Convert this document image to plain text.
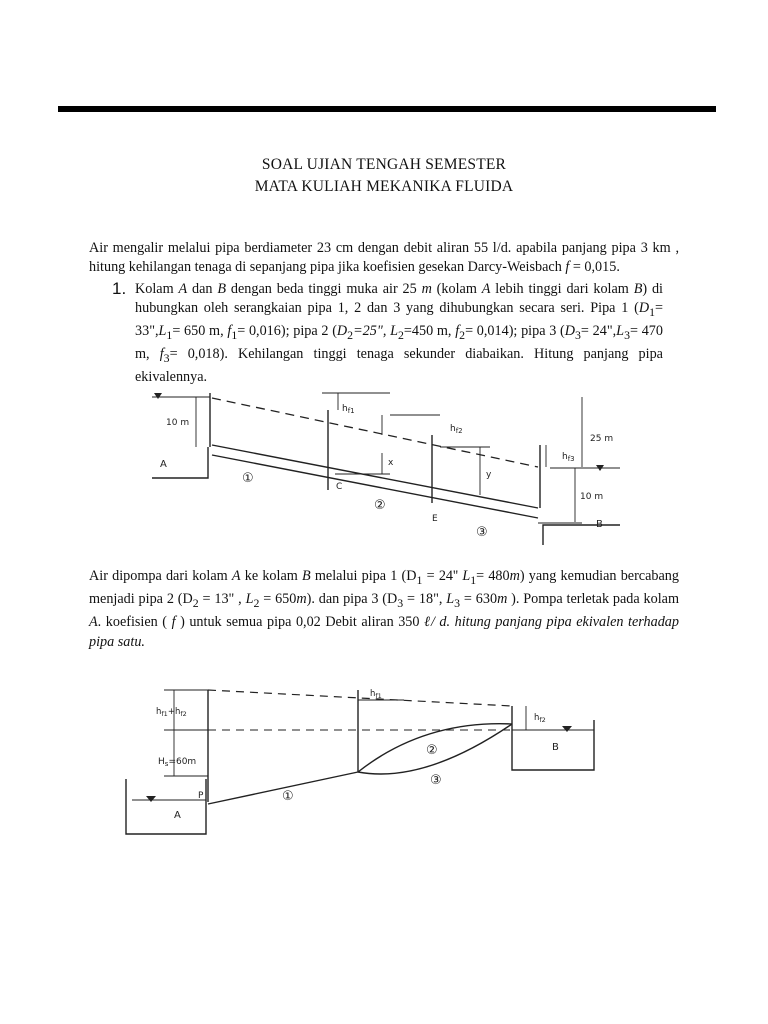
SOAL UJIAN TENGAH SEMESTER
MATA KULIAH MEKANIKA FLUIDA
Air mengalir melalui pipa berdiameter 23 cm dengan debit aliran 55 l/d. apabila panjang pipa 3 km , hitung kehilangan tenaga di sepanjang pipa jika koefisien gesekan Darcy-Weisbach f = 0,015.
1. Kolam A dan B dengan beda tinggi muka air 25 m (kolam A lebih tinggi dari kolam B) di hubungkan oleh serangkaian pipa 1, 2 dan 3 yang dihubungkan secara seri. Pipa 1 ($D_1=$ $33",L_1= 650$ m, $f_1= 0,016$); pipa 2 ($D_2=25$", $L_2=450$ m, $f_2= 0,014$); pipa 3 ($D_3=$ $24",L_3= 470$ m, $f_3= 0,018$). Kehilangan tinggi tenaga sekunder diabaikan. Hitung panjang pipa ekivalennya.
$h_{f1}$
$h_{f2}$
$h_{f3}$
10 m
25 m
10 m
A
B
C
E
x
y
①
②
③
Air dipompa dari kolam A ke kolam B melalui pipa 1 ($D_1 = 24''$ $L_1= 480m$) yang kemudian bercabang menjadi pipa 2 ($D_2 = 13$" , $L_2 = 650m$). dan pipa 3 ($D_3 = 18$", $L_3 = 630m$ ). Pompa terletak pada kolam A. koefisien ( f ) untuk semua pipa 0,02 Debit aliran 350 ℓ/ d. hitung panjang pipa ekivalen terhadap pipa satu.
$h_{f1}+h_{f2}$
$h_{f1}$
$h_{f2}$
$H_s=60m$
A
B
P	①
②
③
